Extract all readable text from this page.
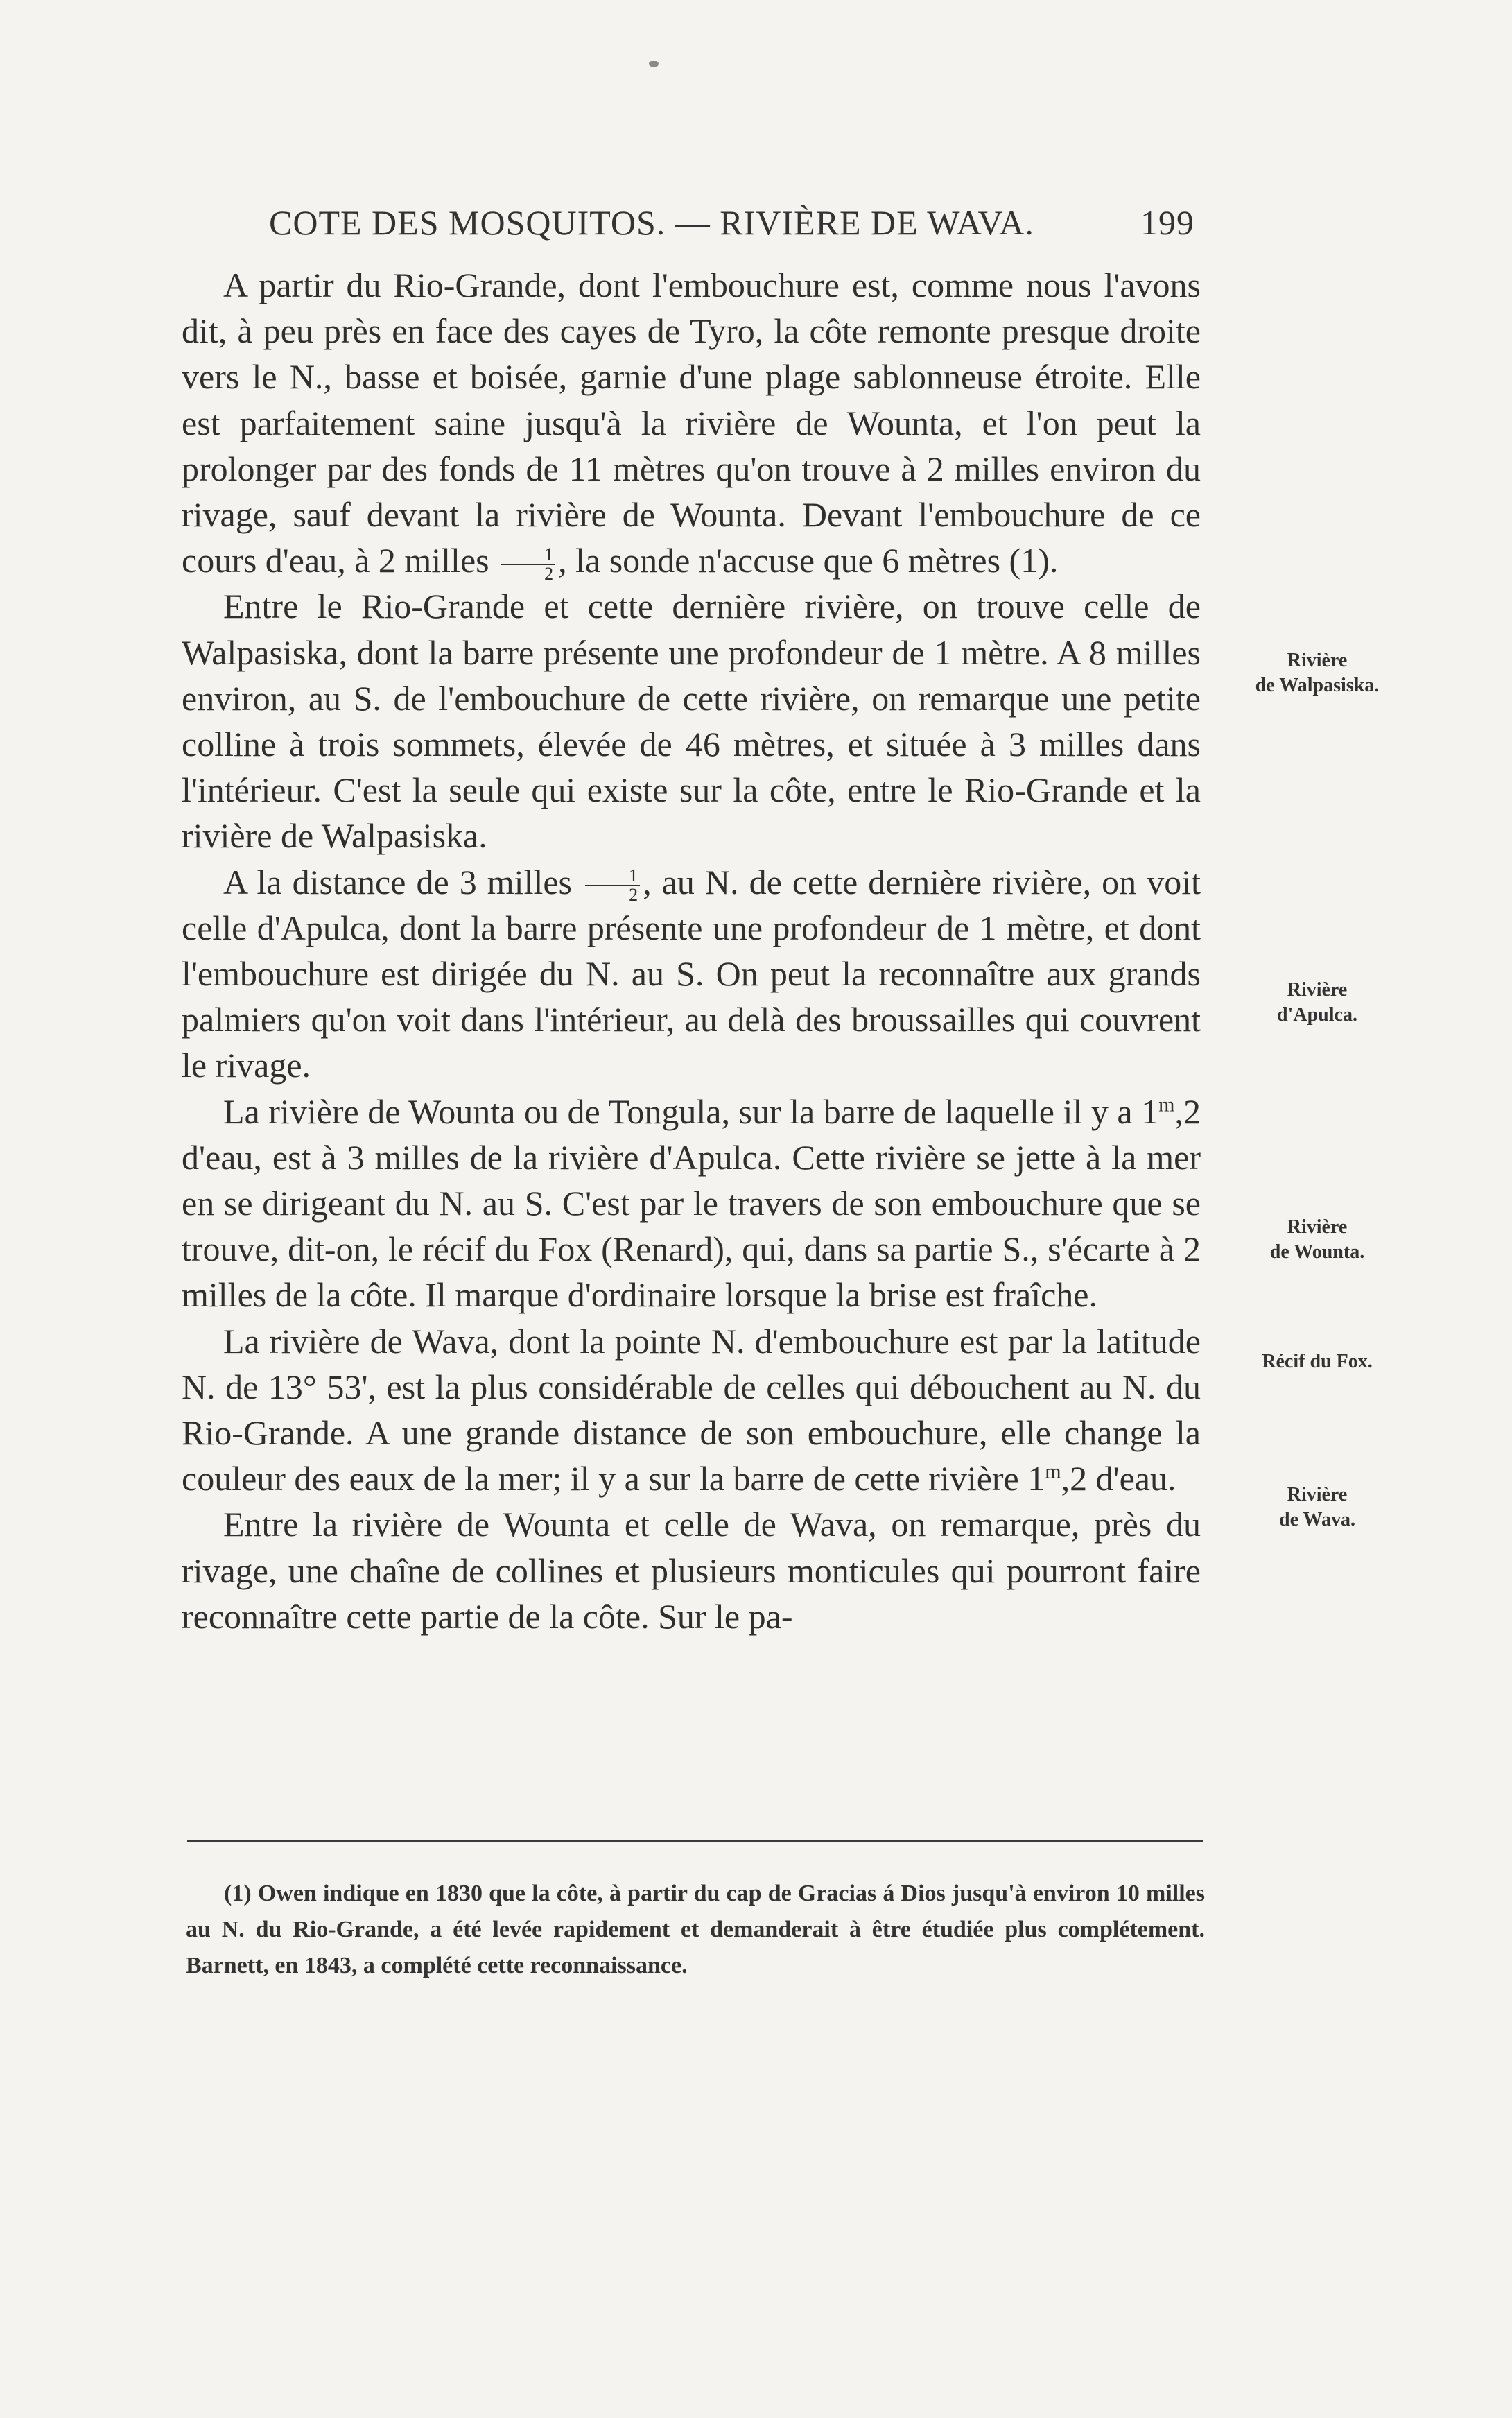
COTE DES MOSQUITOS. — RIVIÈRE DE WAVA.	199

A partir du Rio-Grande, dont l'embouchure est, comme nous l'avons dit, à peu près en face des cayes de Tyro, la côte remonte presque droite vers le N., basse et boisée, garnie d'une plage sablonneuse étroite. Elle est parfaitement saine jusqu'à la rivière de Wounta, et l'on peut la prolonger par des fonds de 11 mètres qu'on trouve à 2 milles environ du rivage, sauf devant la rivière de Wounta. Devant l'embouchure de ce cours d'eau, à 2 milles $\frac{1}{2}$ , la sonde n'accuse que 6 mètres (1).

Entre le Rio-Grande et cette dernière rivière, on trouve celle de Walpasiska, dont la barre présente une profondeur de 1 mètre. A 8 milles environ, au S. de l'embouchure de cette rivière, on remarque une petite colline à trois sommets, élevée de 46 mètres, et située à 3 milles dans l'intérieur. C'est la seule qui existe sur la côte, entre le Rio-Grande et la rivière de Walpasiska.

A la distance de 3 milles $\frac{1}{2}$ , au N. de cette dernière rivière, on voit celle d'Apulca, dont la barre présente une profondeur de 1 mètre, et dont l'embouchure est dirigée du N. au S. On peut la reconnaître aux grands palmiers qu'on voit dans l'intérieur, au delà des broussailles qui couvrent le rivage.

La rivière de Wounta ou de Tongula, sur la barre de laquelle il y a 1$^m$,2 d'eau, est à 3 milles de la rivière d'Apulca. Cette rivière se jette à la mer en se dirigeant du N. au S. C'est par le travers de son embouchure que se trouve, dit-on, le récif du Fox (Renard), qui, dans sa partie S., s'écarte à 2 milles de la côte. Il marque d'ordinaire lorsque la brise est fraîche.

La rivière de Wava, dont la pointe N. d'embouchure est par la latitude N. de 13° 53', est la plus considérable de celles qui débouchent au N. du Rio-Grande. A une grande distance de son embouchure, elle change la couleur des eaux de la mer; il y a sur la barre de cette rivière 1$^m$,2 d'eau.

Entre la rivière de Wounta et celle de Wava, on remarque, près du rivage, une chaîne de collines et plusieurs monticules qui pourront faire reconnaître cette partie de la côte. Sur le pa-

Rivière
de Walpasiska.
Rivière
d'Apulca.
Rivière
de Wounta.
Récif du Fox.
Rivière
de Wava.

(1) Owen indique en 1830 que la côte, à partir du cap de Gracias á Dios jusqu'à environ 10 milles au N. du Rio-Grande, a été levée rapidement et demanderait à être étudiée plus complétement. Barnett, en 1843, a complété cette reconnaissance.
